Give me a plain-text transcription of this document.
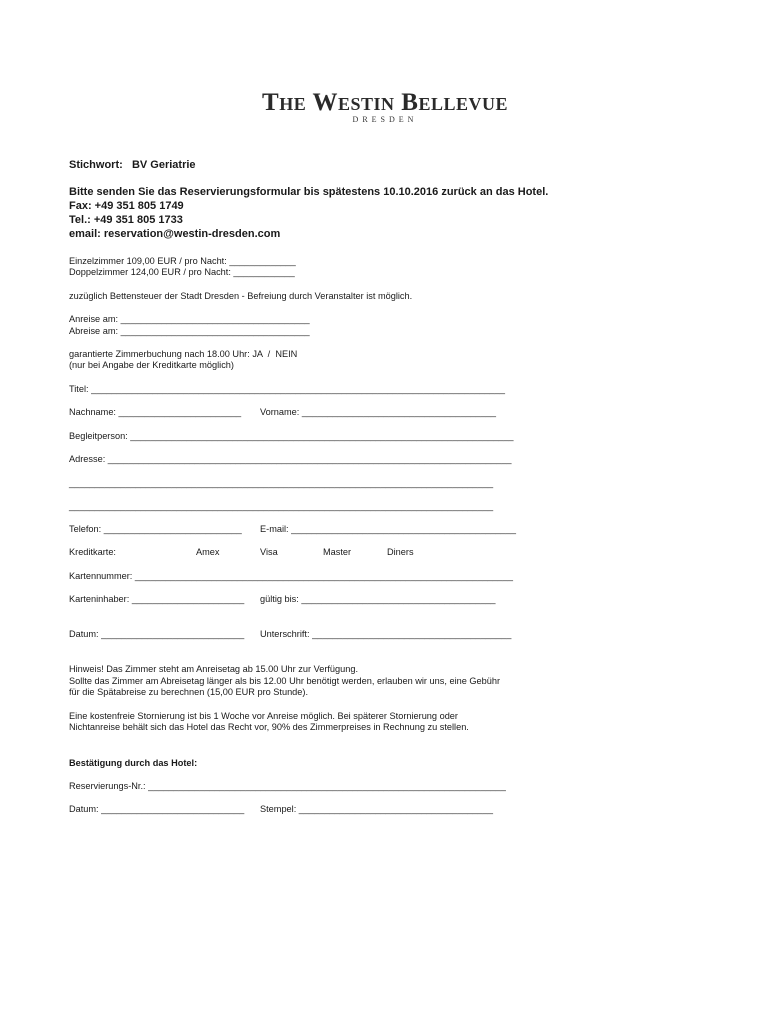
The Westin Bellevue
DRESDEN
Stichwort:   BV Geriatrie
Bitte senden Sie das Reservierungsformular bis spätestens 10.10.2016 zurück an das Hotel.
Fax: +49 351 805 1749
Tel.: +49 351 805 1733
email: reservation@westin-dresden.com
Einzelzimmer 109,00 EUR / pro Nacht: _____________
Doppelzimmer 124,00 EUR / pro Nacht: ____________
zuzüglich Bettensteuer der Stadt Dresden - Befreiung durch Veranstalter ist möglich.
Anreise am: _____________________________________
Abreise am: _____________________________________
garantierte Zimmerbuchung nach 18.00 Uhr: JA  /  NEIN
(nur bei Angabe der Kreditkarte möglich)
Titel: _________________________________________________________________________________
Nachname: ________________________ Vorname: ______________________________________
Begleitperson: ___________________________________________________________________________
Adresse: _______________________________________________________________________________
___________________________________________________________________________________
___________________________________________________________________________________
Telefon: ___________________________ E-mail: ____________________________________________
Kreditkarte:	Amex	Visa	Master	Diners
Kartennummer: __________________________________________________________________________
Karteninhaber: ______________________ gültig bis: ______________________________________
Datum: ____________________________ Unterschrift: _______________________________________
Hinweis! Das Zimmer steht am Anreisetag ab 15.00 Uhr zur Verfügung.
Sollte das Zimmer am Abreisetag länger als bis 12.00 Uhr benötigt werden, erlauben wir uns, eine Gebühr
für die Spätabreise zu berechnen (15,00 EUR pro Stunde).
Eine kostenfreie Stornierung ist bis 1 Woche vor Anreise möglich. Bei späterer Stornierung oder
Nichtanreise behält sich das Hotel das Recht vor, 90% des Zimmerpreises in Rechnung zu stellen.
Bestätigung durch das Hotel:
Reservierungs-Nr.: ______________________________________________________________________
Datum: ____________________________ Stempel: ______________________________________
